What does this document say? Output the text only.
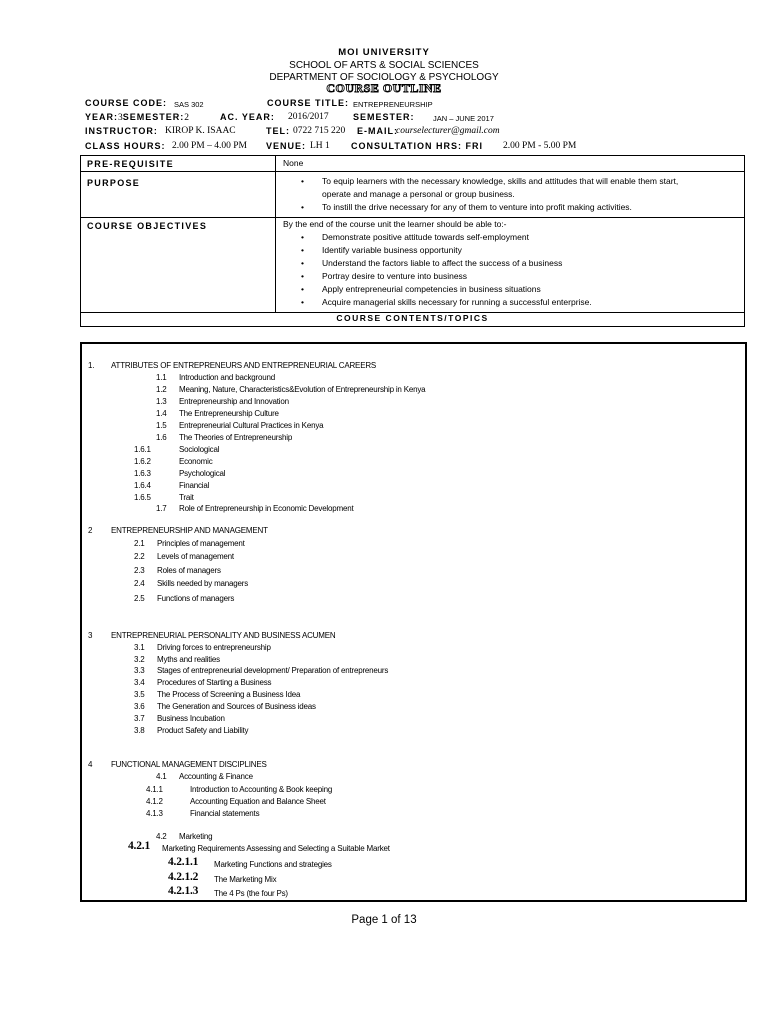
MOI UNIVERSITY
SCHOOL OF ARTS & SOCIAL SCIENCES
DEPARTMENT OF SOCIOLOGY & PSYCHOLOGY
COURSE OUTLINE
COURSE CODE: SAS 302	COURSE TITLE: ENTREPRENEURSHIP
YEAR:3SEMESTER:2	AC. YEAR: 2016/2017	SEMESTER: JAN – JUNE 2017
INSTRUCTOR: KIROP K. ISAAC	TEL: 0722 715 220 E-MAIL:
courselecturer@gmail.com
CLASS HOURS: 2.00 PM – 4.00 PM VENUE: LH 1 CONSULTATION HRS: FRI 2.00 PM - 5.00 PM
PRE-REQUISITE	None
PURPOSE	• To equip learners with the necessary knowledge, skills and attitudes that will enable them start,
operate and manage a personal or group business.
• To instill the drive necessary for any of them to venture into profit making activities.
COURSE OBJECTIVES	By the end of the course unit the learner should be able to:-
• Demonstrate positive attitude towards self-employment
• Identify variable business opportunity
• Understand the factors liable to affect the success of a business
• Portray desire to venture into business
• Apply entrepreneurial competencies in business situations
• Acquire managerial skills necessary for running a successful enterprise.
COURSE CONTENTS/TOPICS
1. ATTRIBUTES OF ENTREPRENEURS AND ENTREPRENEURIAL CAREERS
1.1 Introduction and background
1.2 Meaning, Nature, Characteristics&Evolution of Entrepreneurship in Kenya
1.3 Entrepreneurship and Innovation
1.4 The Entrepreneurship Culture
1.5 Entrepreneurial Cultural Practices in Kenya
1.6 The Theories of Entrepreneurship
1.6.1	Sociological
1.6.2	Economic
1.6.3	Psychological
1.6.4	Financial
1.6.5	Trait
1.7 Role of Entrepreneurship in Economic Development
2 ENTREPRENEURSHIP AND MANAGEMENT
2.1 Principles of management
2.2 Levels of management
2.3 Roles of managers
2.4 Skills needed by managers
2.5 Functions of managers
3 ENTREPRENEURIAL PERSONALITY AND BUSINESS ACUMEN
3.1 Driving forces to entrepreneurship
3.2 Myths and realities
3.3 Stages of entrepreneurial development/ Preparation of entrepreneurs
3.4 Procedures of Starting a Business
3.5 The Process of Screening a Business Idea
3.6 The Generation and Sources of Business ideas
3.7 Business Incubation
3.8 Product Safety and Liability
4 FUNCTIONAL MANAGEMENT DISCIPLINES
4.1 Accounting & Finance
4.1.1	Introduction to Accounting & Book keeping
4.1.2	Accounting Equation and Balance Sheet
4.1.3	Financial statements
4.2 Marketing
4.2.1 Marketing Requirements Assessing and Selecting a Suitable Market
4.2.1.1 Marketing Functions and strategies
4.2.1.2 The Marketing Mix
4.2.1.3 The 4 Ps (the four Ps)
Page 1 of 13
